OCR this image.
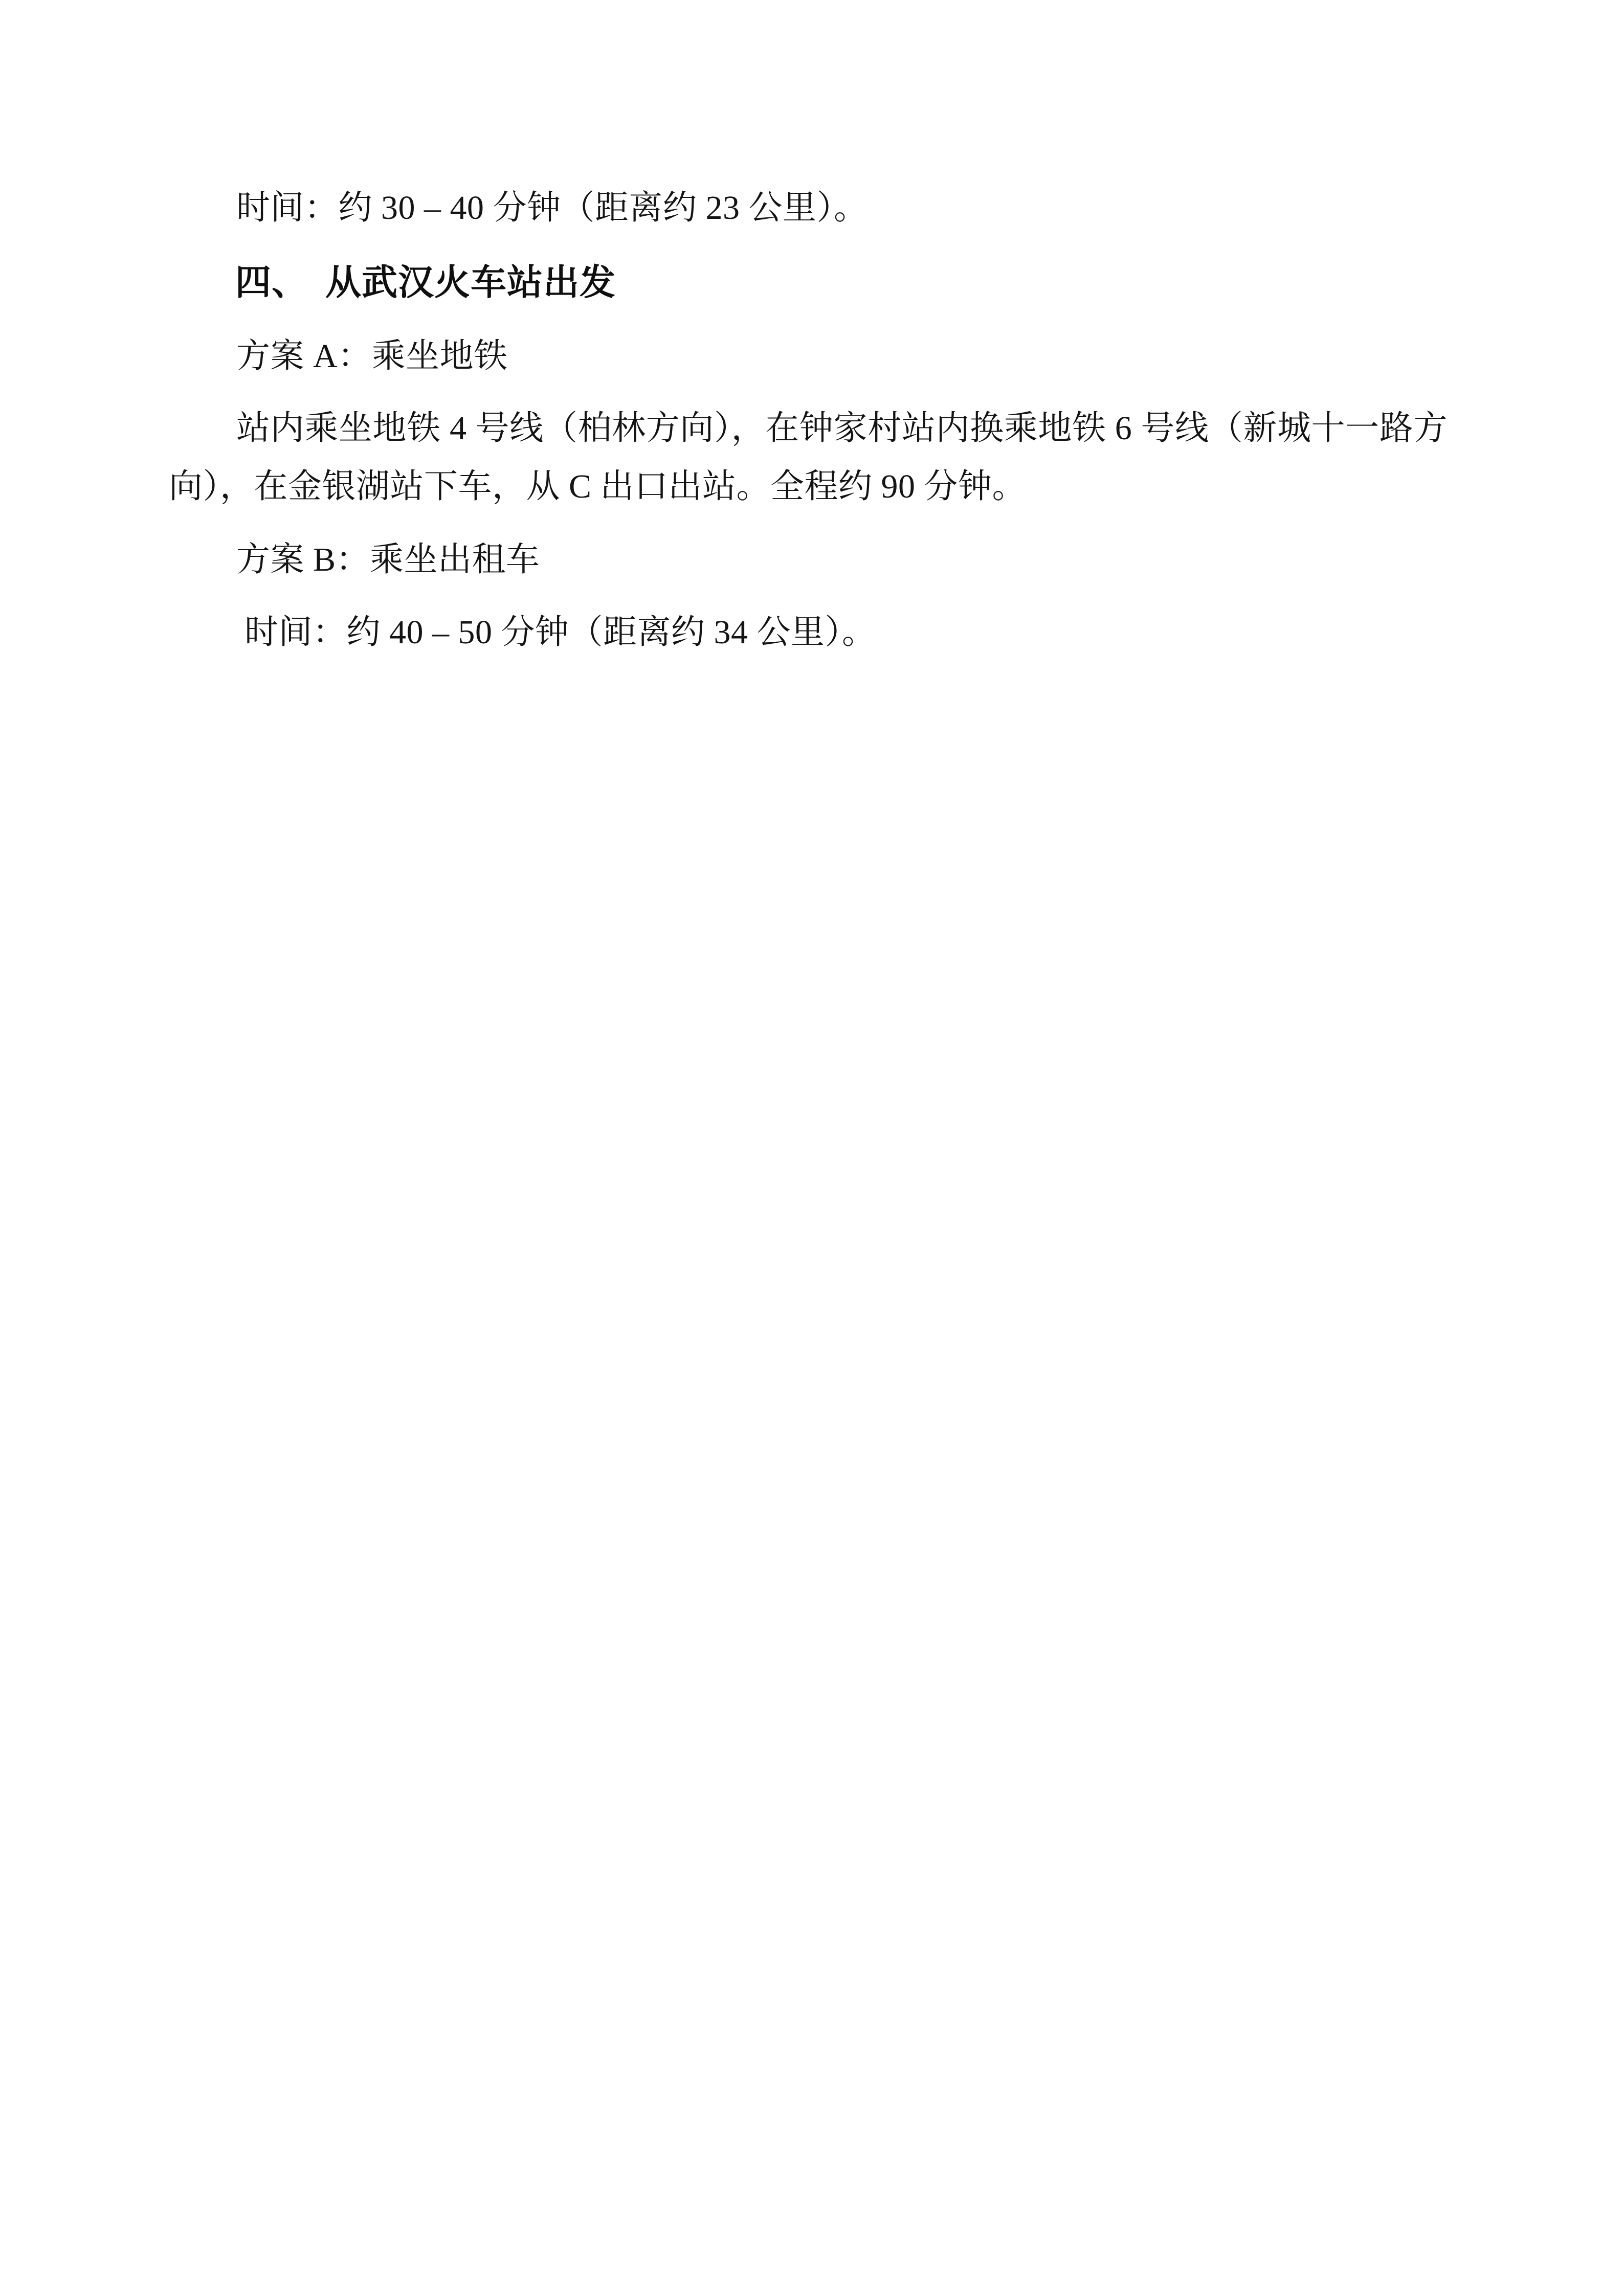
时间：约 30 – 40 分钟（距离约 23 公里）。

四、 从武汉火车站出发

方案 A：乘坐地铁

站内乘坐地铁 4 号线（柏林方向），在钟家村站内换乘地铁 6 号线（新城十一路方向），在金银湖站下车，从 C 出口出站。全程约 90 分钟。

方案 B：乘坐出租车

时间：约 40 – 50 分钟（距离约 34 公里）。
